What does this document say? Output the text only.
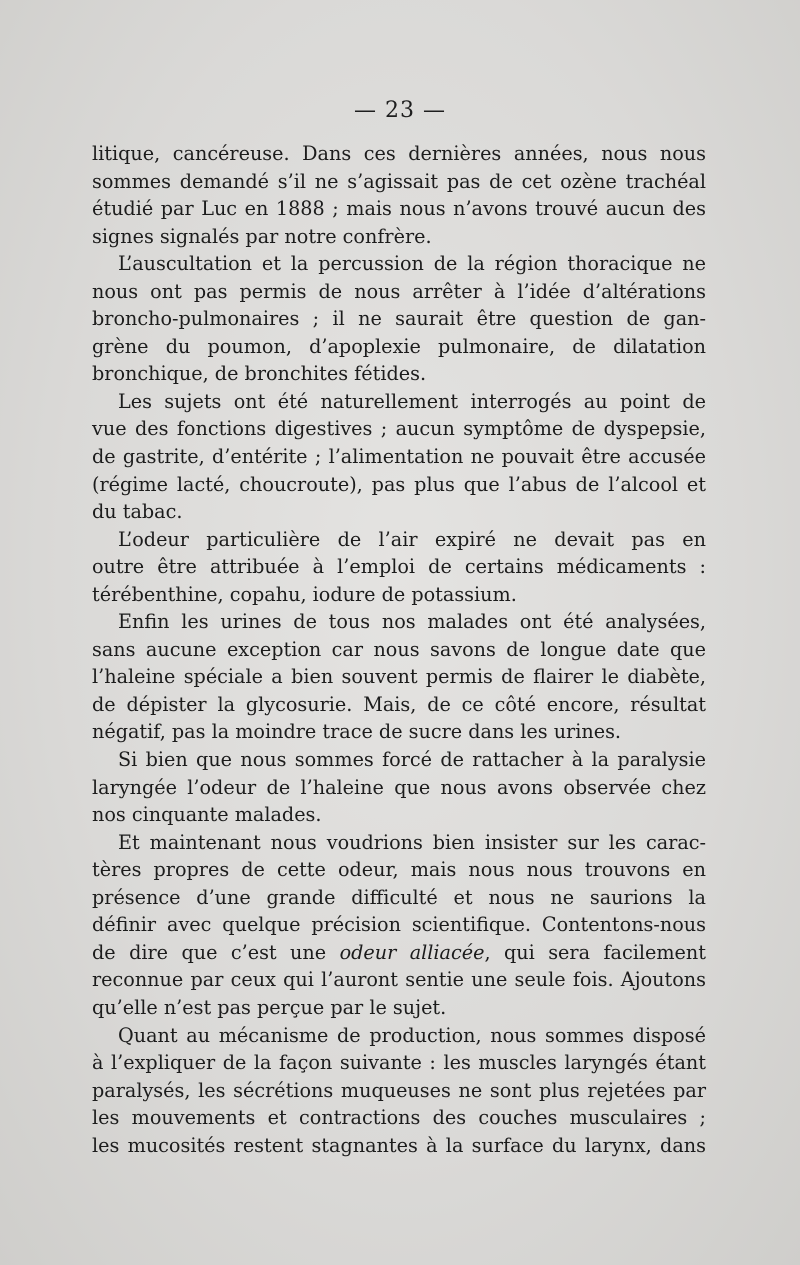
— 23 —
litique, cancéreuse. Dans ces dernières années, nous nous
sommes demandé s’il ne s’agissait pas de cet ozène trachéal
étudié par Luc en 1888 ; mais nous n’avons trouvé aucun des
signes signalés par notre confrère.
L’auscultation et la percussion de la région thoracique ne
nous ont pas permis de nous arrêter à l’idée d’altérations
broncho-pulmonaires ; il ne saurait être question de gan-
grène du poumon, d’apoplexie pulmonaire, de dilatation
bronchique, de bronchites fétides.
Les sujets ont été naturellement interrogés au point de
vue des fonctions digestives ; aucun symptôme de dyspepsie,
de gastrite, d’entérite ; l’alimentation ne pouvait être accusée
(régime lacté, choucroute), pas plus que l’abus de l’alcool et
du tabac.
L’odeur particulière de l’air expiré ne devait pas en
outre être attribuée à l’emploi de certains médicaments :
térébenthine, copahu, iodure de potassium.
Enfin les urines de tous nos malades ont été analysées,
sans aucune exception car nous savons de longue date que
l’haleine spéciale a bien souvent permis de flairer le diabète,
de dépister la glycosurie. Mais, de ce côté encore, résultat
négatif, pas la moindre trace de sucre dans les urines.
Si bien que nous sommes forcé de rattacher à la paralysie
laryngée l’odeur de l’haleine que nous avons observée chez
nos cinquante malades.
Et maintenant nous voudrions bien insister sur les carac-
tères propres de cette odeur, mais nous nous trouvons en
présence d’une grande difficulté et nous ne saurions la
définir avec quelque précision scientifique. Contentons-nous
de dire que c’est une odeur alliacée, qui sera facilement
reconnue par ceux qui l’auront sentie une seule fois. Ajoutons
qu’elle n’est pas perçue par le sujet.
Quant au mécanisme de production, nous sommes disposé
à l’expliquer de la façon suivante : les muscles laryngés étant
paralysés, les sécrétions muqueuses ne sont plus rejetées par
les mouvements et contractions des couches musculaires ;
les mucosités restent stagnantes à la surface du larynx, dans
